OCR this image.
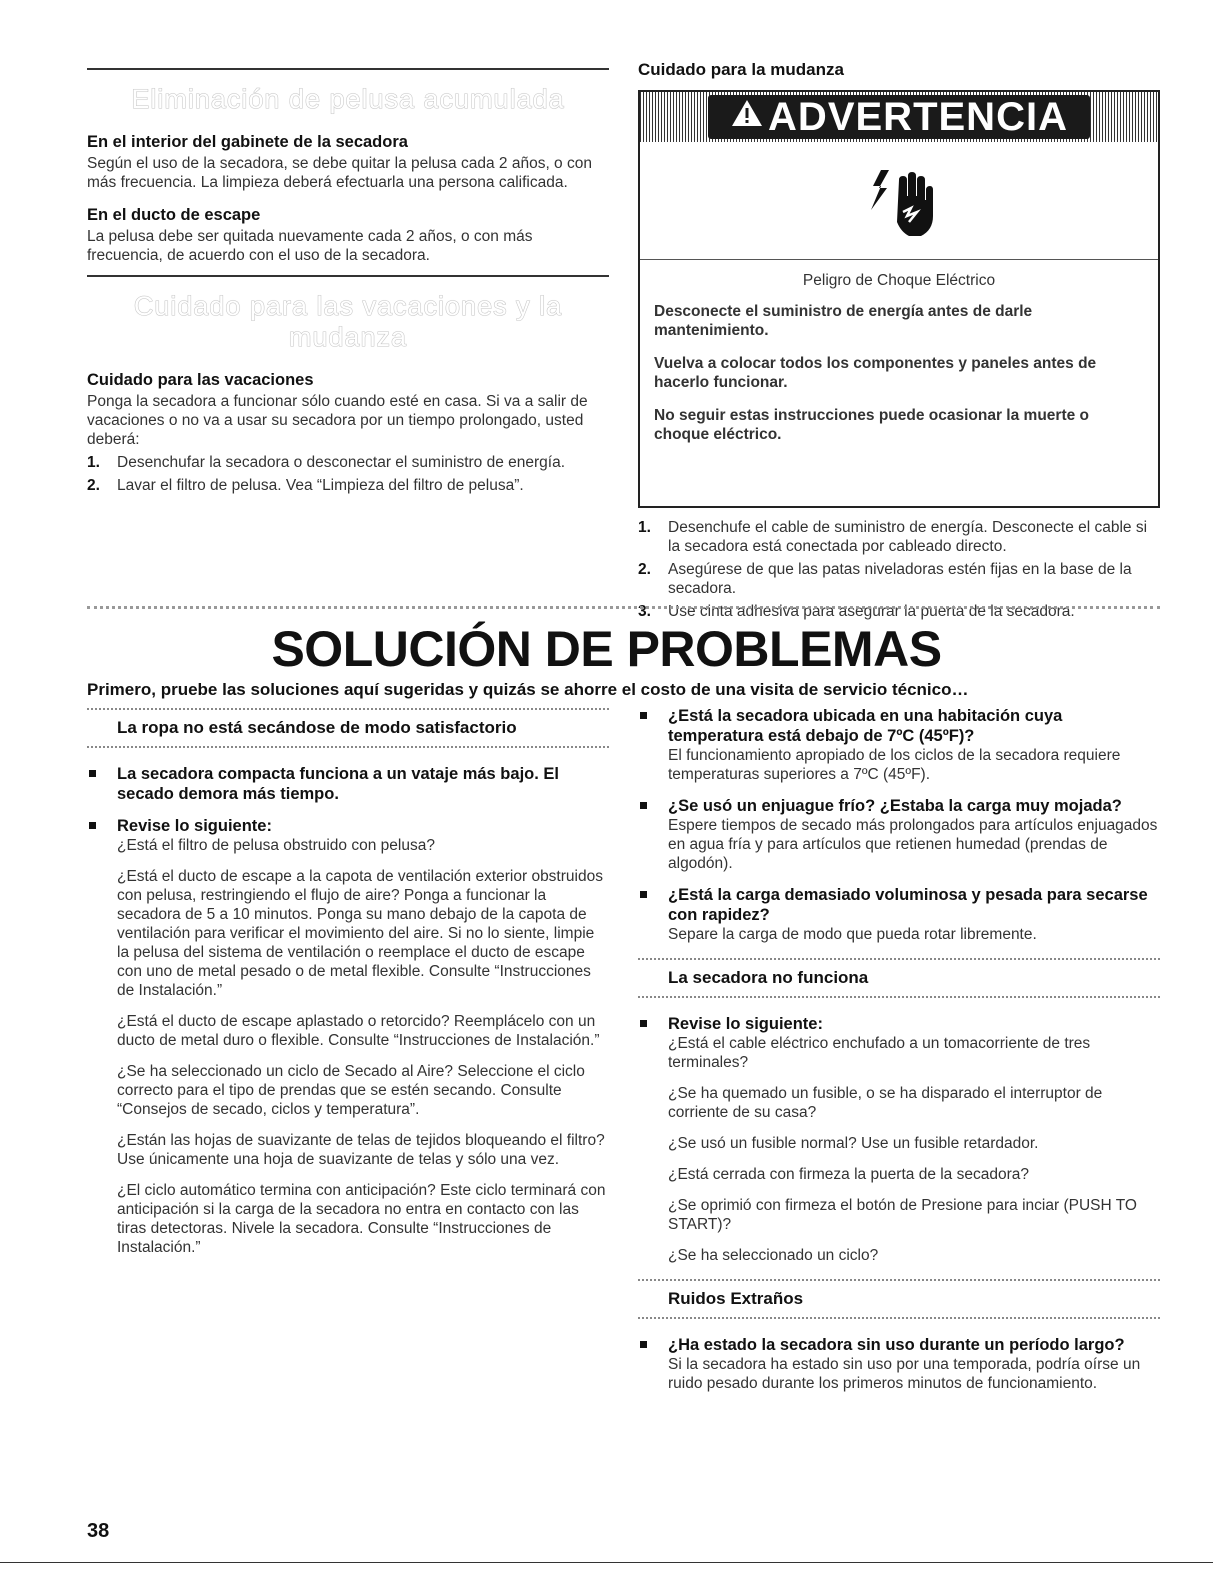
Eliminación de pelusa acumulada
En el interior del gabinete de la secadora
Según el uso de la secadora, se debe quitar la pelusa cada 2 años, o con más frecuencia. La limpieza deberá efectuarla una persona calificada.
En el ducto de escape
La pelusa debe ser quitada nuevamente cada 2 años, o con más frecuencia, de acuerdo con el uso de la secadora.
Cuidado para las vacaciones y la mudanza
Cuidado para las vacaciones
Ponga la secadora a funcionar sólo cuando esté en casa. Si va a salir de vacaciones o no va a usar su secadora por un tiempo prolongado, usted deberá:
1. Desenchufar la secadora o desconectar el suministro de energía.
2. Lavar el filtro de pelusa. Vea “Limpieza del filtro de pelusa”.
Cuidado para la mudanza
ADVERTENCIA
Peligro de Choque Eléctrico
Desconecte el suministro de energía antes de darle mantenimiento.
Vuelva a colocar todos los componentes y paneles antes de hacerlo funcionar.
No seguir estas instrucciones puede ocasionar la muerte o choque eléctrico.
1. Desenchufe el cable de suministro de energía. Desconecte el cable si la secadora está conectada por cableado directo.
2. Asegúrese de que las patas niveladoras estén fijas en la base de la secadora.
3. Use cinta adhesiva para asegurar la puerta de la secadora.
SOLUCIÓN DE PROBLEMAS
Primero, pruebe las soluciones aquí sugeridas y quizás se ahorre el costo de una visita de servicio técnico…
La ropa no está secándose de modo satisfactorio
La secadora compacta funciona a un vataje más bajo. El secado demora más tiempo.
Revise lo siguiente:
¿Está el filtro de pelusa obstruido con pelusa?
¿Está el ducto de escape a la capota de ventilación exterior obstruidos con pelusa, restringiendo el flujo de aire? Ponga a funcionar la secadora de 5 a 10 minutos. Ponga su mano debajo de la capota de ventilación para verificar el movimiento del aire. Si no lo siente, limpie la pelusa del sistema de ventilación o reemplace el ducto de escape con uno de metal pesado o de metal flexible. Consulte “Instrucciones de Instalación.”
¿Está el ducto de escape aplastado o retorcido? Reemplácelo con un ducto de metal duro o flexible. Consulte “Instrucciones de Instalación.”
¿Se ha seleccionado un ciclo de Secado al Aire? Seleccione el ciclo correcto para el tipo de prendas que se estén secando. Consulte “Consejos de secado, ciclos y temperatura”.
¿Están las hojas de suavizante de telas de tejidos bloqueando el filtro? Use únicamente una hoja de suavizante de telas y sólo una vez.
¿El ciclo automático termina con anticipación? Este ciclo terminará con anticipación si la carga de la secadora no entra en contacto con las tiras detectoras. Nivele la secadora. Consulte “Instrucciones de Instalación.”
¿Está la secadora ubicada en una habitación cuya temperatura está debajo de 7ºC (45ºF)?
El funcionamiento apropiado de los ciclos de la secadora requiere temperaturas superiores a 7ºC (45ºF).
¿Se usó un enjuague frío? ¿Estaba la carga muy mojada?
Espere tiempos de secado más prolongados para artículos enjuagados en agua fría y para artículos que retienen humedad (prendas de algodón).
¿Está la carga demasiado voluminosa y pesada para secarse con rapidez?
Separe la carga de modo que pueda rotar libremente.
La secadora no funciona
Revise lo siguiente:
¿Está el cable eléctrico enchufado a un tomacorriente de tres terminales?
¿Se ha quemado un fusible, o se ha disparado el interruptor de corriente de su casa?
¿Se usó un fusible normal? Use un fusible retardador.
¿Está cerrada con firmeza la puerta de la secadora?
¿Se oprimió con firmeza el botón de Presione para inciar (PUSH TO START)?
¿Se ha seleccionado un ciclo?
Ruidos Extraños
¿Ha estado la secadora sin uso durante un período largo?
Si la secadora ha estado sin uso por una temporada, podría oírse un ruido pesado durante los primeros minutos de funcionamiento.
38
